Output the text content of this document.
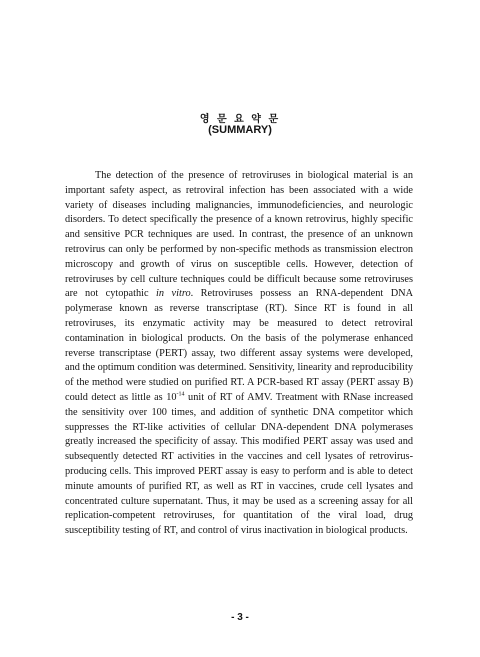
영 문 요 약 문
(SUMMARY)

The detection of the presence of retroviruses in biological material is an important safety aspect, as retroviral infection has been associated with a wide variety of diseases including malignancies, immunodeficiencies, and neurologic disorders. To detect specifically the presence of a known retrovirus, highly specific and sensitive PCR techniques are used. In contrast, the presence of an unknown retrovirus can only be performed by non-specific methods as transmission electron microscopy and growth of virus on susceptible cells. However, detection of retroviruses by cell culture techniques could be difficult because some retroviruses are not cytopathic in vitro. Retroviruses possess an RNA-dependent DNA polymerase known as reverse transcriptase (RT). Since RT is found in all retroviruses, its enzymatic activity may be measured to detect retroviral contamination in biological products. On the basis of the polymerase enhanced reverse transcriptase (PERT) assay, two different assay systems were developed, and the optimum condition was determined. Sensitivity, linearity and reproducibility of the method were studied on purified RT. A PCR-based RT assay (PERT assay B) could detect as little as $10^{-14}$ unit of RT of AMV. Treatment with RNase increased the sensitivity over 100 times, and addition of synthetic DNA competitor which suppresses the RT-like activities of cellular DNA-dependent DNA polymerases greatly increased the specificity of assay. This modified PERT assay was used and subsequently detected RT activities in the vaccines and cell lysates of retrovirus-producing cells. This improved PERT assay is easy to perform and is able to detect minute amounts of purified RT, as well as RT in vaccines, crude cell lysates and concentrated culture supernatant. Thus, it may be used as a screening assay for all replication-competent retroviruses, for quantitation of the viral load, drug susceptibility testing of RT, and control of virus inactivation in biological products.

- 3 -
